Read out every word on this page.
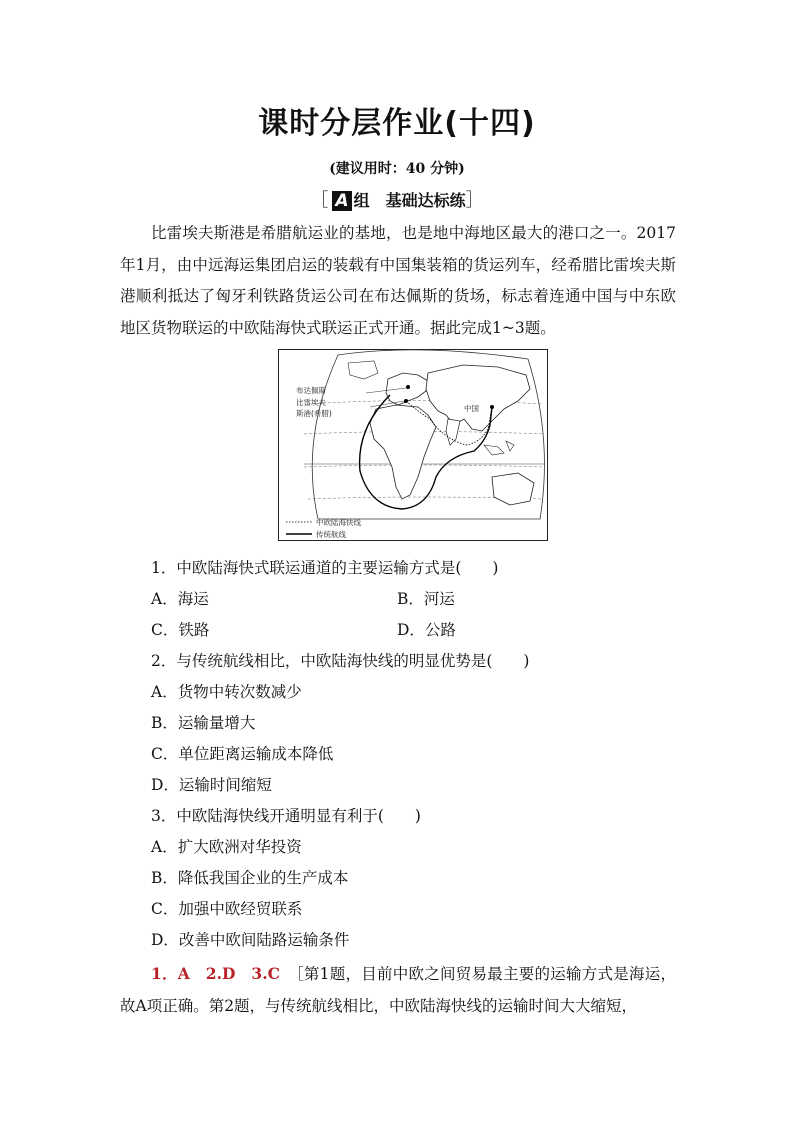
课时分层作业(十四)
(建议用时：40 分钟)
［ A 组　基础达标练］
比雷埃夫斯港是希腊航运业的基地，也是地中海地区最大的港口之一。2017年1月，由中远海运集团启运的装载有中国集装箱的货运列车，经希腊比雷埃夫斯港顺利抵达了匈牙利铁路货运公司在布达佩斯的货场，标志着连通中国与中东欧地区货物联运的中欧陆海快式联运正式开通。据此完成1~3题。
布达佩斯
比雷埃夫
斯港(希腊)
中国
中欧陆海快线
传统航线
1．中欧陆海快式联运通道的主要运输方式是(　　)
A．海运	B．河运
C．铁路	D．公路
2．与传统航线相比，中欧陆海快线的明显优势是(　　)
A．货物中转次数减少
B．运输量增大
C．单位距离运输成本降低
D．运输时间缩短
3．中欧陆海快线开通明显有利于(　　)
A．扩大欧洲对华投资
B．降低我国企业的生产成本
C．加强中欧经贸联系
D．改善中欧间陆路运输条件
1．A　2.D　3.C　 ［第1题，目前中欧之间贸易最主要的运输方式是海运，故A项正确。第2题，与传统航线相比，中欧陆海快线的运输时间大大缩短，
